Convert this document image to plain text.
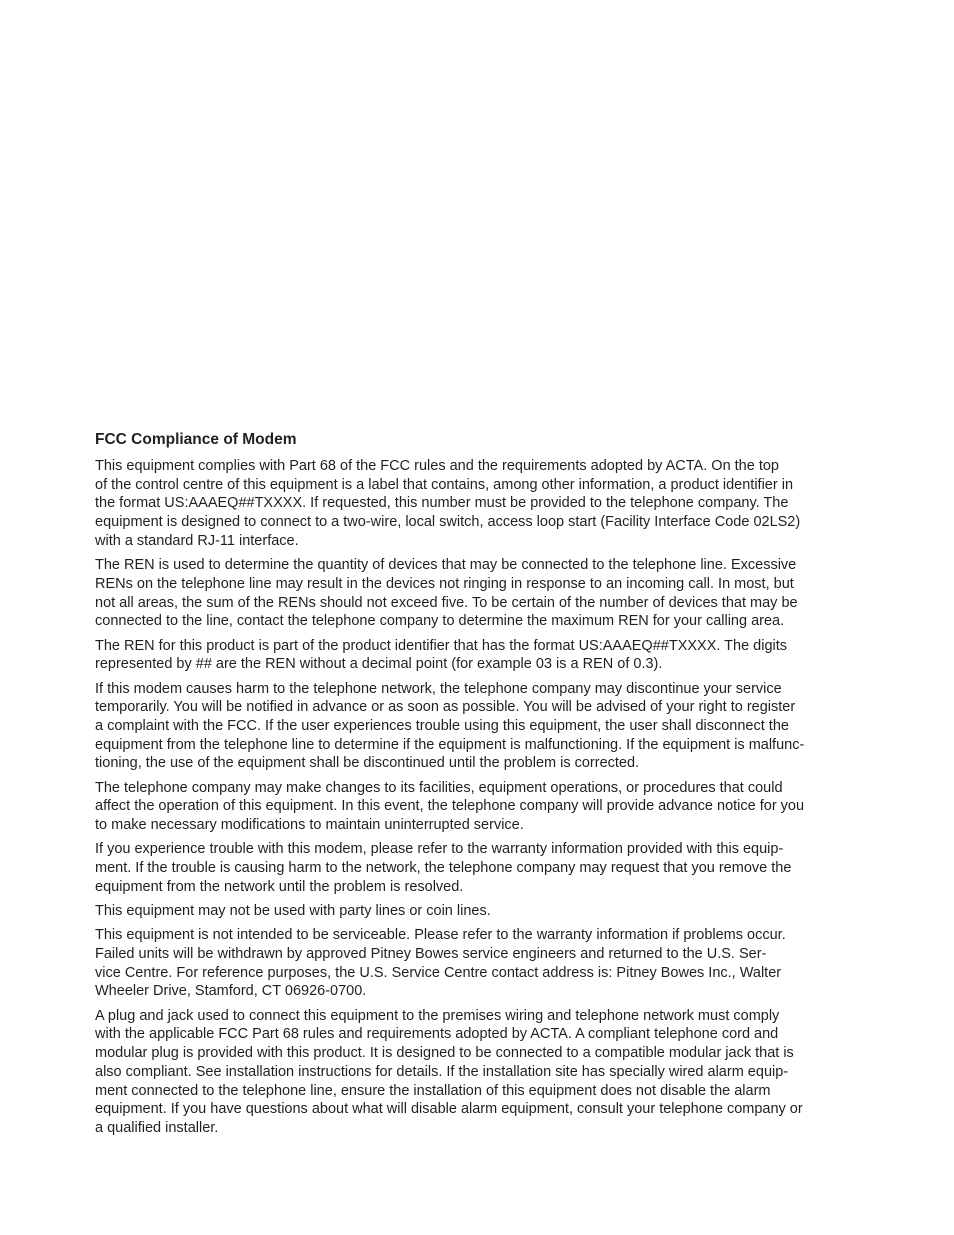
FCC Compliance of Modem

This equipment complies with Part 68 of the FCC rules and the requirements adopted by ACTA. On the top
of the control centre of this equipment is a label that contains, among other information, a product identifier in
the format US:AAAEQ##TXXXX. If requested, this number must be provided to the telephone company. The
equipment is designed to connect to a two-wire, local switch, access loop start (Facility Interface Code 02LS2)
with a standard RJ-11 interface.

The REN is used to determine the quantity of devices that may be connected to the telephone line. Excessive
RENs on the telephone line may result in the devices not ringing in response to an incoming call. In most, but
not all areas, the sum of the RENs should not exceed five. To be certain of the number of devices that may be
connected to the line, contact the telephone company to determine the maximum REN for your calling area.

The REN for this product is part of the product identifier that has the format US:AAAEQ##TXXXX. The digits
represented by ## are the REN without a decimal point (for example 03 is a REN of 0.3).

If this modem causes harm to the telephone network, the telephone company may discontinue your service
temporarily. You will be notified in advance or as soon as possible. You will be advised of your right to register
a complaint with the FCC. If the user experiences trouble using this equipment, the user shall disconnect the
equipment from the telephone line to determine if the equipment is malfunctioning. If the equipment is malfunc-
tioning, the use of the equipment shall be discontinued until the problem is corrected.

The telephone company may make changes to its facilities, equipment operations, or procedures that could
affect the operation of this equipment. In this event, the telephone company will provide advance notice for you
to make necessary modifications to maintain uninterrupted service.

If you experience trouble with this modem, please refer to the warranty information provided with this equip-
ment. If the trouble is causing harm to the network, the telephone company may request that you remove the
equipment from the network until the problem is resolved.

This equipment may not be used with party lines or coin lines.

This equipment is not intended to be serviceable. Please refer to the warranty information if problems occur.
Failed units will be withdrawn by approved Pitney Bowes service engineers and returned to the U.S. Ser-
vice Centre. For reference purposes, the U.S. Service Centre contact address is: Pitney Bowes Inc., Walter
Wheeler Drive, Stamford, CT 06926-0700.

A plug and jack used to connect this equipment to the premises wiring and telephone network must comply
with the applicable FCC Part 68 rules and requirements adopted by ACTA. A compliant telephone cord and
modular plug is provided with this product. It is designed to be connected to a compatible modular jack that is
also compliant. See installation instructions for details. If the installation site has specially wired alarm equip-
ment connected to the telephone line, ensure the installation of this equipment does not disable the alarm
equipment. If you have questions about what will disable alarm equipment, consult your telephone company or
a qualified installer.
